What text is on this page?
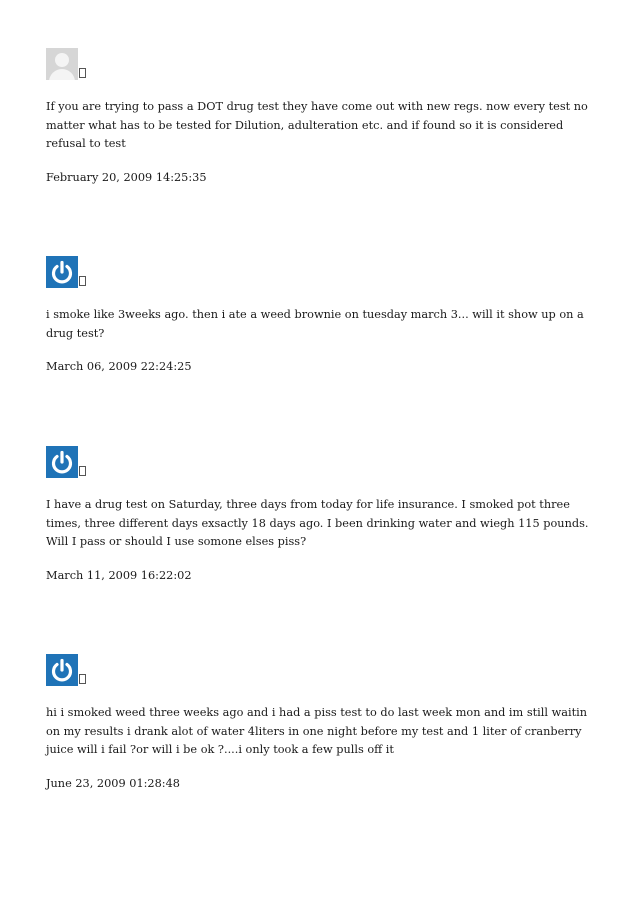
If you are trying to pass a DOT drug test they have come out with new regs. now every test no matter what has to be tested for Dilution, adulteration etc. and if found so it is considered refusal to test

February 20, 2009 14:25:35

i smoke like 3weeks ago. then i ate a weed brownie on tuesday march 3... will it show up on a drug test?

March 06, 2009 22:24:25

I have a drug test on Saturday, three days from today for life insurance. I smoked pot three times, three different days exsactly 18 days ago. I been drinking water and wiegh 115 pounds. Will I pass or should I use somone elses piss?

March 11, 2009 16:22:02

hi i smoked weed three weeks ago and i had a piss test to do last week mon and im still waitin on my results i drank alot of water 4liters in one night before my test and 1 liter of cranberry juice will i fail ?or will i be ok ?....i only took a few pulls off it

June 23, 2009 01:28:48
